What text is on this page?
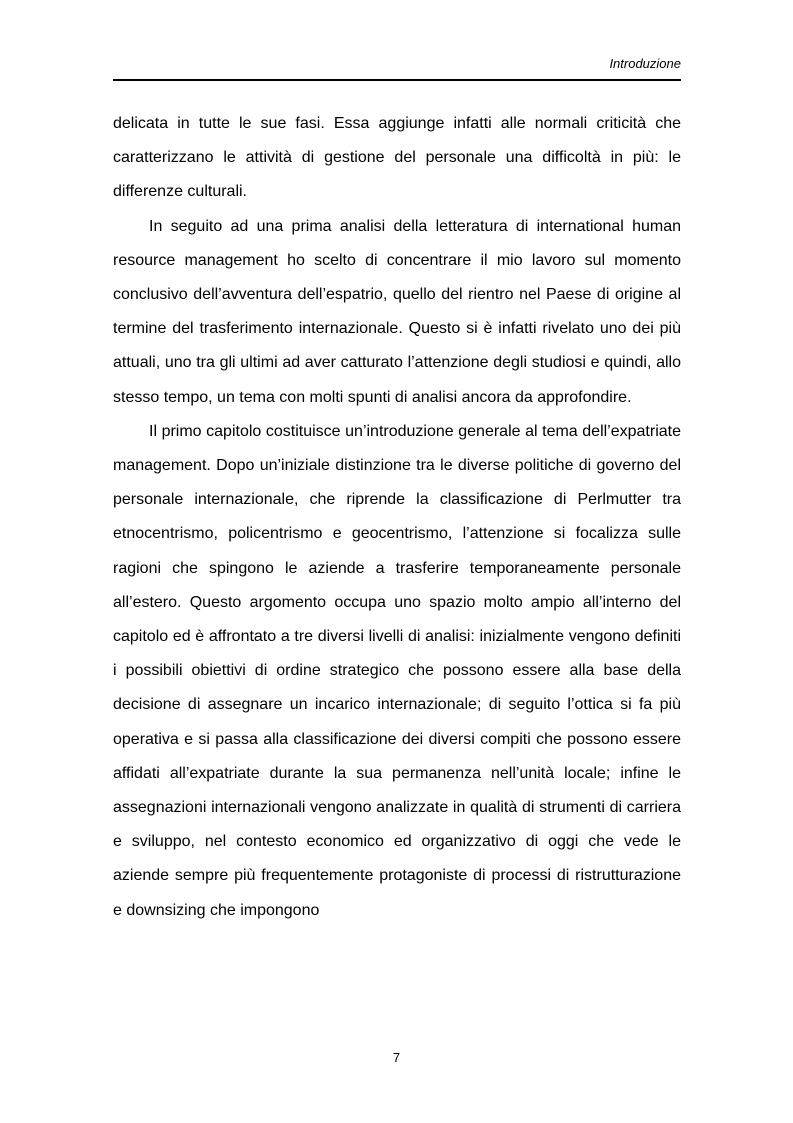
Introduzione

delicata in tutte le sue fasi. Essa aggiunge infatti alle normali criticità che caratterizzano le attività di gestione del personale una difficoltà in più: le differenze culturali.

In seguito ad una prima analisi della letteratura di international human resource management ho scelto di concentrare il mio lavoro sul momento conclusivo dell’avventura dell’espatrio, quello del rientro nel Paese di origine al termine del trasferimento internazionale. Questo si è infatti rivelato uno dei più attuali, uno tra gli ultimi ad aver catturato l’attenzione degli studiosi e quindi, allo stesso tempo, un tema con molti spunti di analisi ancora da approfondire.

Il primo capitolo costituisce un’introduzione generale al tema dell’expatriate management. Dopo un’iniziale distinzione tra le diverse politiche di governo del personale internazionale, che riprende la classificazione di Perlmutter tra etnocentrismo, policentrismo e geocentrismo, l’attenzione si focalizza sulle ragioni che spingono le aziende a trasferire temporaneamente personale all’estero. Questo argomento occupa uno spazio molto ampio all’interno del capitolo ed è affrontato a tre diversi livelli di analisi: inizialmente vengono definiti i possibili obiettivi di ordine strategico che possono essere alla base della decisione di assegnare un incarico internazionale; di seguito l’ottica si fa più operativa e si passa alla classificazione dei diversi compiti che possono essere affidati all’expatriate durante la sua permanenza nell’unità locale; infine le assegnazioni internazionali vengono analizzate in qualità di strumenti di carriera e sviluppo, nel contesto economico ed organizzativo di oggi che vede le aziende sempre più frequentemente protagoniste di processi di ristrutturazione e downsizing che impongono

7
